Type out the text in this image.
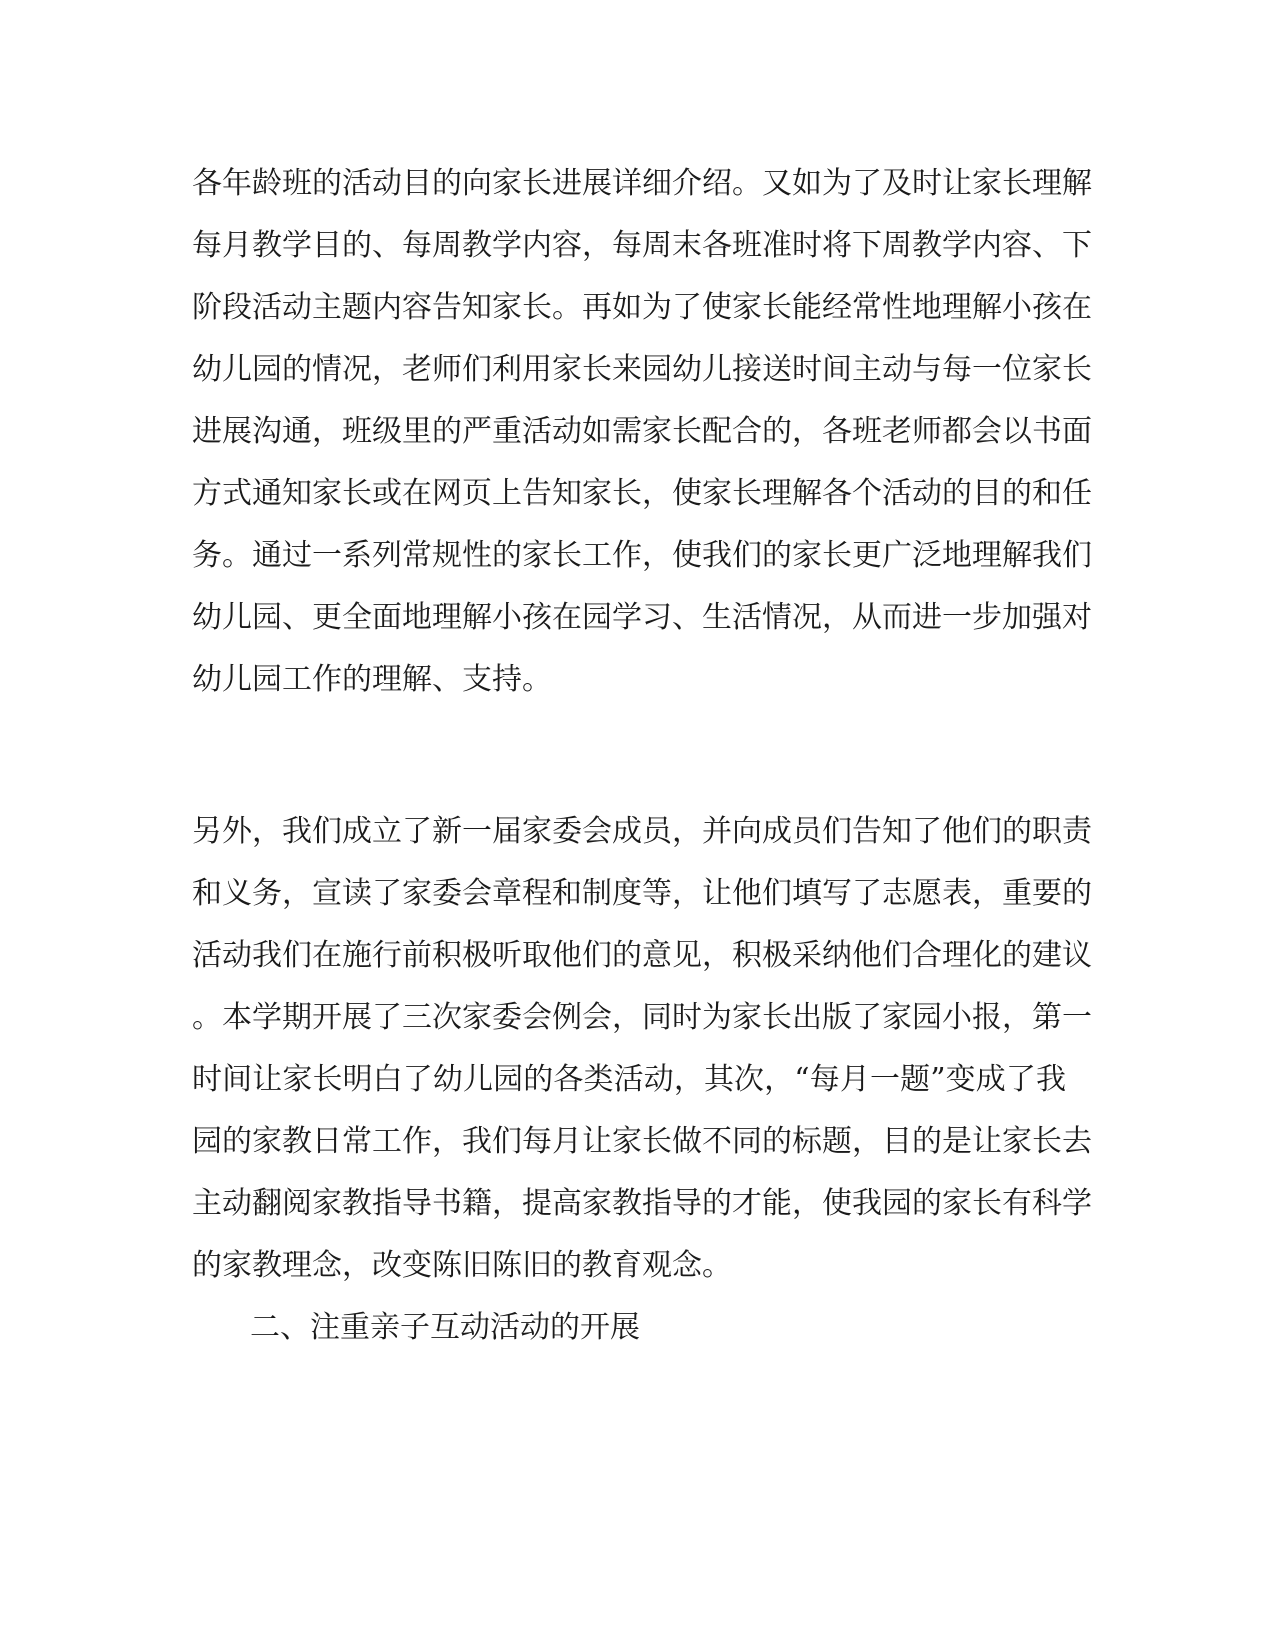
各年龄班的活动目的向家长进展详细介绍。又如为了及时让家长理解
每月教学目的、每周教学内容，每周末各班准时将下周教学内容、下
阶段活动主题内容告知家长。再如为了使家长能经常性地理解小孩在
幼儿园的情况，老师们利用家长来园幼儿接送时间主动与每一位家长
进展沟通，班级里的严重活动如需家长配合的，各班老师都会以书面
方式通知家长或在网页上告知家长，使家长理解各个活动的目的和任
务。通过一系列常规性的家长工作，使我们的家长更广泛地理解我们
幼儿园、更全面地理解小孩在园学习、生活情况，从而进一步加强对
幼儿园工作的理解、支持。
另外，我们成立了新一届家委会成员，并向成员们告知了他们的职责
和义务，宣读了家委会章程和制度等，让他们填写了志愿表，重要的
活动我们在施行前积极听取他们的意见，积极采纳他们合理化的建议
。本学期开展了三次家委会例会，同时为家长出版了家园小报，第一
时间让家长明白了幼儿园的各类活动，其次，“每月一题”变成了我
园的家教日常工作，我们每月让家长做不同的标题，目的是让家长去
主动翻阅家教指导书籍，提高家教指导的才能，使我园的家长有科学
的家教理念，改变陈旧陈旧的教育观念。
二、注重亲子互动活动的开展
